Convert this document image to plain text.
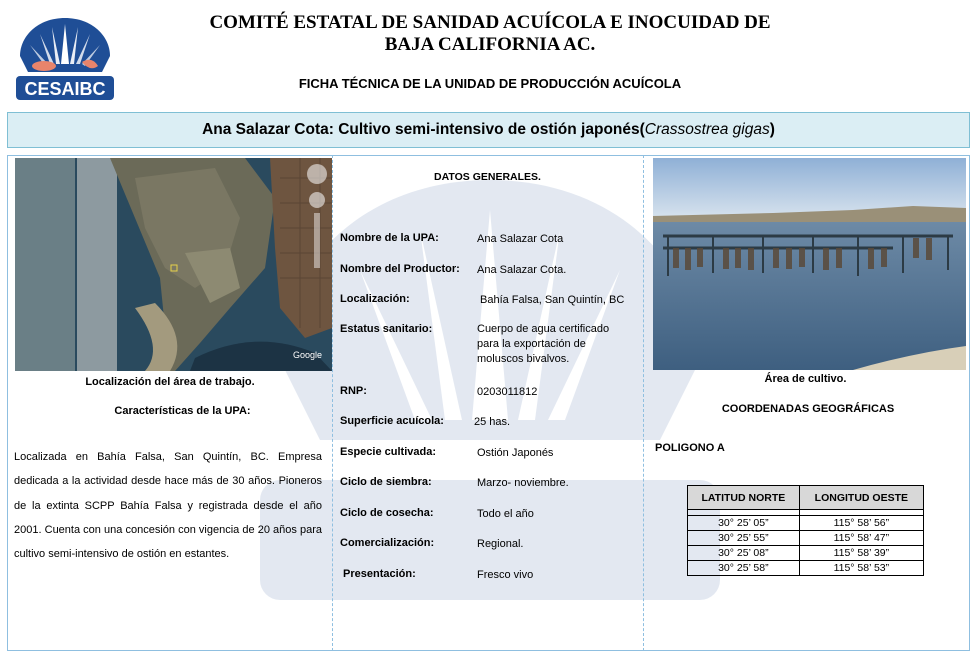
CESAIBC
COMITÉ ESTATAL DE SANIDAD ACUÍCOLA E INOCUIDAD DE
BAJA CALIFORNIA AC.
FICHA TÉCNICA DE LA UNIDAD DE PRODUCCIÓN ACUÍCOLA
Ana Salazar Cota: Cultivo semi-intensivo de ostión japonés(Crassostrea gigas)
Google
Localización del área de trabajo.
Características de la UPA:
Localizada en Bahía Falsa, San Quintín, BC. Empresa dedicada a la actividad desde hace más de 30 años. Pioneros de la extinta SCPP Bahía Falsa y registrada desde el año 2001. Cuenta con una concesión con vigencia de 20 años para cultivo semi-intensivo de ostión en estantes.
DATOS GENERALES.
Nombre de la UPA:	Ana Salazar Cota
Nombre del Productor: Ana Salazar Cota.
Localización:	Bahía Falsa, San Quintín, BC
Estatus sanitario:	Cuerpo de agua certificado para la exportación de moluscos bivalvos.
RNP:	0203011812
Superficie acuícola:	25 has.
Especie cultivada:	Ostión Japonés
Ciclo de siembra:	Marzo- noviembre.
Ciclo de cosecha:	Todo el año
Comercialización:	Regional.
Presentación:	Fresco vivo
Área de cultivo.
COORDENADAS GEOGRÁFICAS
POLIGONO A
LATITUD NORTE	LONGITUD OESTE

30° 25’ 05”	115° 58’ 56”
30° 25’ 55”	115° 58’ 47”
30° 25’ 08”	115° 58’ 39”
30° 25’ 58”	115° 58’ 53”
